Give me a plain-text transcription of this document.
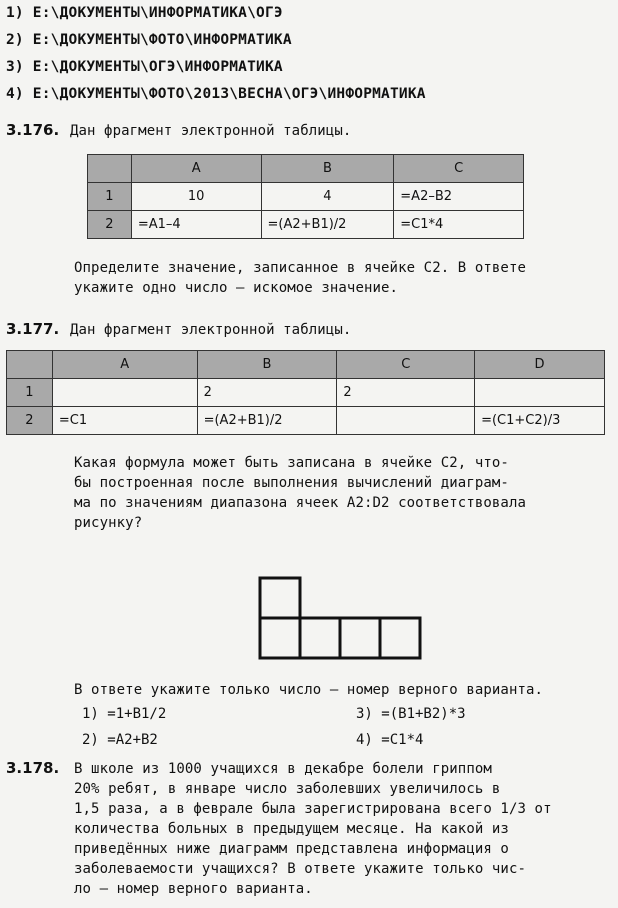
1) E:\ДОКУМЕНТЫ\ИНФОРМАТИКА\ОГЭ
2) E:\ДОКУМЕНТЫ\ФОТО\ИНФОРМАТИКА
3) E:\ДОКУМЕНТЫ\ОГЭ\ИНФОРМАТИКА
4) E:\ДОКУМЕНТЫ\ФОТО\2013\ВЕСНА\ОГЭ\ИНФОРМАТИКА
3.176. Дан фрагмент электронной таблицы.
	A	B	C
1	10	4	=A2–B2
2	=A1–4	=(A2+B1)/2	=C1*4
Определите значение, записанное в ячейке C2. В ответе
укажите одно число — искомое значение.
3.177. Дан фрагмент электронной таблицы.
	A	B	C	D
1		2	2	
2	=C1	=(A2+B1)/2		=(C1+C2)/3
Какая формула может быть записана в ячейке C2, что-
бы построенная после выполнения вычислений диаграм-
ма по значениям диапазона ячеек A2:D2 соответствовала
рисунку?
В ответе укажите только число — номер верного варианта.
1) =1+B1/2	3) =(B1+B2)*3
2) =A2+B2	4) =C1*4
3.178. В школе из 1000 учащихся в декабре болели гриппом
20% ребят, в январе число заболевших увеличилось в
1,5 раза, а в феврале была зарегистрирована всего 1/3 от
количества больных в предыдущем месяце. На какой из
приведённых ниже диаграмм представлена информация о
заболеваемости учащихся? В ответе укажите только чис-
ло — номер верного варианта.
